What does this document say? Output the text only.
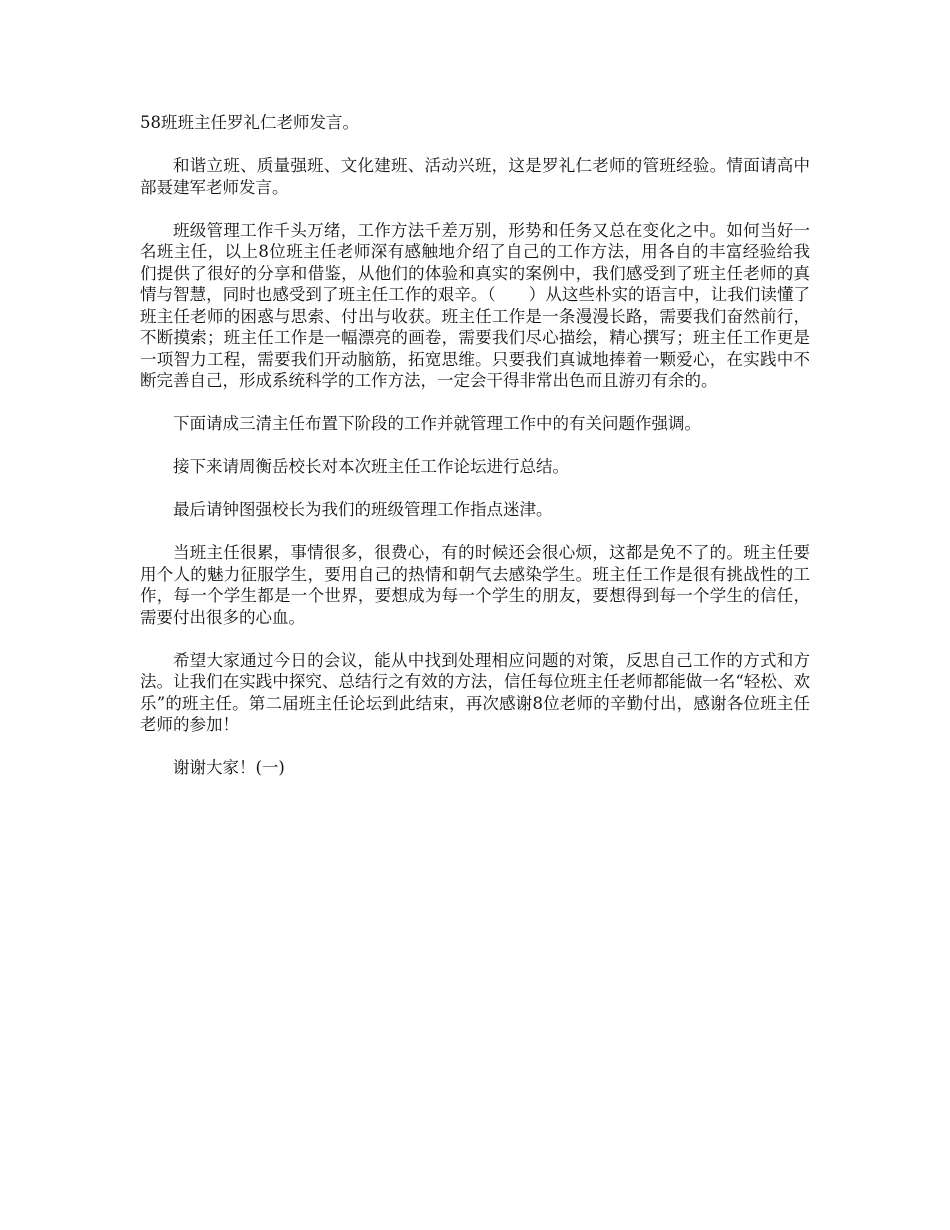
58班班主任罗礼仁老师发言。

和谐立班、质量强班、文化建班、活动兴班，这是罗礼仁老师的管班经验。情面请高中部聂建军老师发言。

班级管理工作千头万绪，工作方法千差万别，形势和任务又总在变化之中。如何当好一名班主任，以上8位班主任老师深有感触地介绍了自己的工作方法，用各自的丰富经验给我们提供了很好的分享和借鉴，从他们的体验和真实的案例中，我们感受到了班主任老师的真情与智慧，同时也感受到了班主任工作的艰辛。（　　）从这些朴实的语言中，让我们读懂了班主任老师的困惑与思索、付出与收获。班主任工作是一条漫漫长路，需要我们奋然前行，不断摸索；班主任工作是一幅漂亮的画卷，需要我们尽心描绘，精心撰写；班主任工作更是一项智力工程，需要我们开动脑筋，拓宽思维。只要我们真诚地捧着一颗爱心，在实践中不断完善自己，形成系统科学的工作方法，一定会干得非常出色而且游刃有余的。

下面请成三清主任布置下阶段的工作并就管理工作中的有关问题作强调。

接下来请周衡岳校长对本次班主任工作论坛进行总结。

最后请钟图强校长为我们的班级管理工作指点迷津。

当班主任很累，事情很多，很费心，有的时候还会很心烦，这都是免不了的。班主任要用个人的魅力征服学生，要用自己的热情和朝气去感染学生。班主任工作是很有挑战性的工作，每一个学生都是一个世界，要想成为每一个学生的朋友，要想得到每一个学生的信任，需要付出很多的心血。

希望大家通过今日的会议，能从中找到处理相应问题的对策，反思自己工作的方式和方法。让我们在实践中探究、总结行之有效的方法，信任每位班主任老师都能做一名“轻松、欢乐”的班主任。第二届班主任论坛到此结束，再次感谢8位老师的辛勤付出，感谢各位班主任老师的参加！

谢谢大家！(一)
